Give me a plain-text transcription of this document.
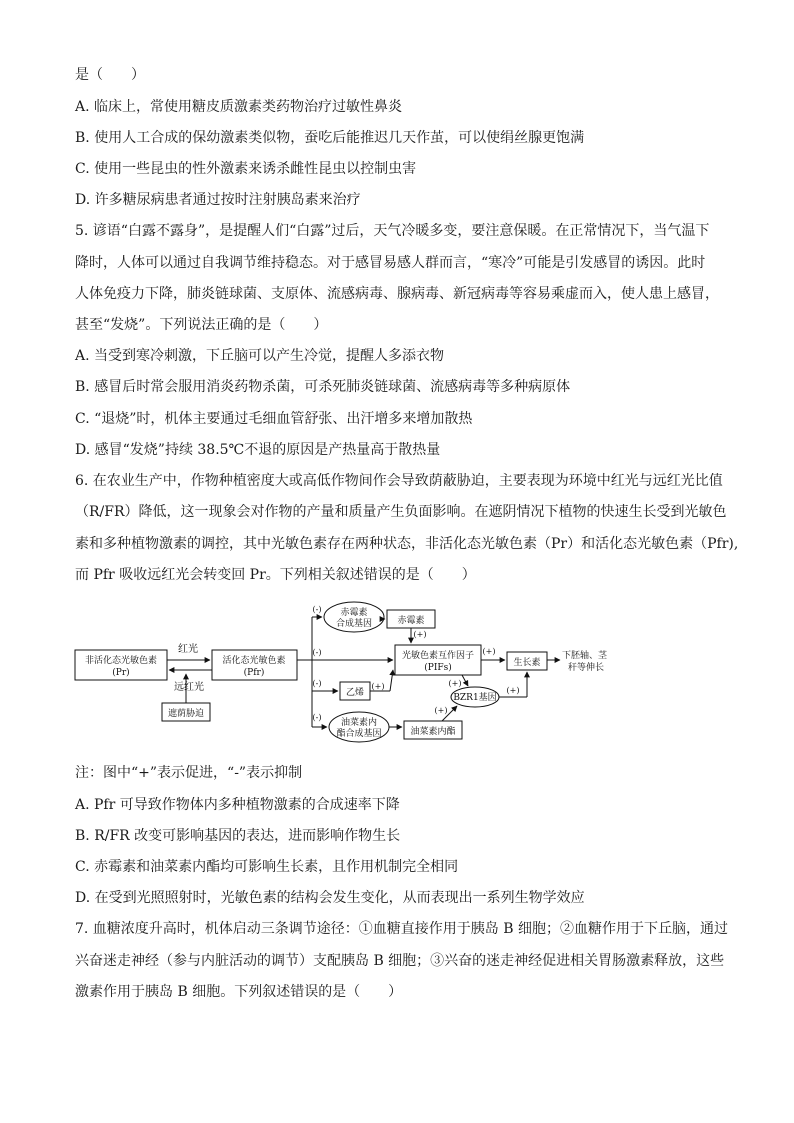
是（　　）
A. 临床上，常使用糖皮质激素类药物治疗过敏性鼻炎
B. 使用人工合成的保幼激素类似物，蚕吃后能推迟几天作茧，可以使绢丝腺更饱满
C. 使用一些昆虫的性外激素来诱杀雌性昆虫以控制虫害
D. 许多糖尿病患者通过按时注射胰岛素来治疗
5. 谚语“白露不露身”，是提醒人们“白露”过后，天气冷暖多变，要注意保暖。在正常情况下，当气温下
降时，人体可以通过自我调节维持稳态。对于感冒易感人群而言，“寒冷”可能是引发感冒的诱因。此时
人体免疫力下降，肺炎链球菌、支原体、流感病毒、腺病毒、新冠病毒等容易乘虚而入，使人患上感冒，
甚至“发烧”。下列说法正确的是（　　）
A. 当受到寒冷刺激，下丘脑可以产生冷觉，提醒人多添衣物
B. 感冒后时常会服用消炎药物杀菌，可杀死肺炎链球菌、流感病毒等多种病原体
C. “退烧”时，机体主要通过毛细血管舒张、出汗增多来增加散热
D. 感冒“发烧”持续 38.5℃不退的原因是产热量高于散热量
6. 在农业生产中，作物种植密度大或高低作物间作会导致荫蔽胁迫，主要表现为环境中红光与远红光比值
（R/FR）降低，这一现象会对作物的产量和质量产生负面影响。在遮阴情况下植物的快速生长受到光敏色
素和多种植物激素的调控，其中光敏色素存在两种状态，非活化态光敏色素（Pr）和活化态光敏色素（Pfr),
而 Pfr 吸收远红光会转变回 Pr。下列相关叙述错误的是（　　）
非活化态光敏色素
(Pr)
活化态光敏色素
(Pfr)
赤霉素
合成基因	赤霉素
光敏色素互作因子
(PIFs)	生长素
乙烯	BZR1基因
油菜素内
酯合成基因	油菜素内酯
遮荫胁迫
红光
远红光
下胚轴、茎
秆等伸长
(-)
(-)
(-)
(-)
(+)
(+)	(+)
(+)
(+)
(+)
注：图中“+”表示促进，“-”表示抑制
A. Pfr 可导致作物体内多种植物激素的合成速率下降
B. R/FR 改变可影响基因的表达，进而影响作物生长
C. 赤霉素和油菜素内酯均可影响生长素，且作用机制完全相同
D. 在受到光照照射时，光敏色素的结构会发生变化，从而表现出一系列生物学效应
7. 血糖浓度升高时，机体启动三条调节途径：①血糖直接作用于胰岛 B 细胞；②血糖作用于下丘脑，通过
兴奋迷走神经（参与内脏活动的调节）支配胰岛 B 细胞；③兴奋的迷走神经促进相关胃肠激素释放，这些
激素作用于胰岛 B 细胞。下列叙述错误的是（　　）
